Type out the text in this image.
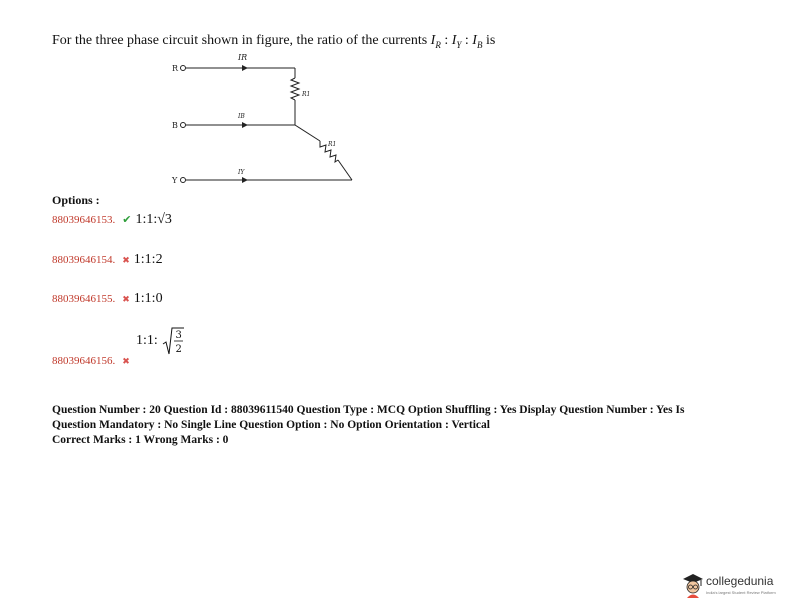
For the three phase circuit shown in figure, the ratio of the currents $I_R$ : $I_Y$ : $I_B$ is
R
B
Y
IR
IB
IY
R1
R1
Options :
88039646153. ✔ 1:1:√3
88039646154. ✖ 1:1:2
88039646155. ✖ 1:1:0
1:1: 3
2
88039646156. ✖
Question Number : 20 Question Id : 88039611540 Question Type : MCQ Option Shuffling : Yes Display Question Number : Yes Is
Question Mandatory : No Single Line Question Option : No Option Orientation : Vertical
Correct Marks : 1 Wrong Marks : 0
collegedunia
India's largest Student Review Platform
